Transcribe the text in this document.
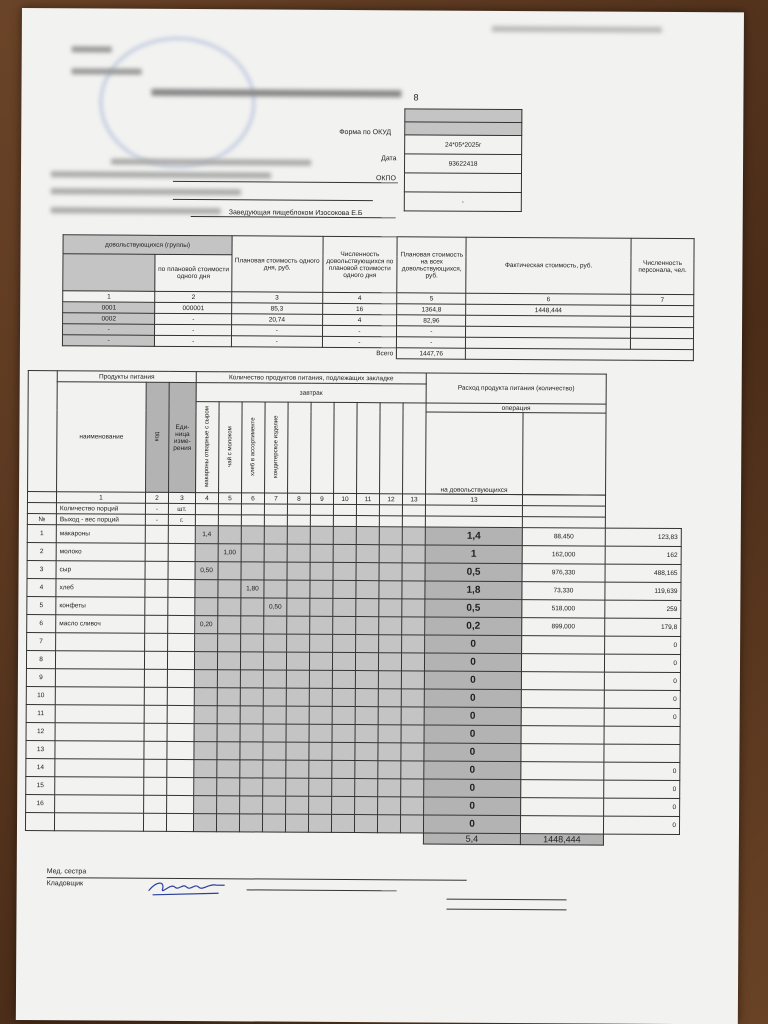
8
Заведующая пищеблоком Изосокова Е.Б
Форма по ОКУД
Дата
ОКПО

24*05*2025г
93622418

-
довольствующихся (группы)		Плановая стоимость одного дня, руб.	Численность довольствующихся по плановой стоимости одного дня	Плановая стоимость на всех довольствующихся, руб.	Фактическая стоимость, руб.	Численность персонала, чел.
	по плановой стоимости одного дня					
1	2	3	4	5	6	7
0001	000001	85,3	16	1364,8	1448,444	
0002	-	20,74	4	82,96		
-	-	-	-	-		
-	-	-	-	-		
Всего				1447,76		
	Продукты питания			Количество продуктов питания, подлежащих закладке										Расход продукта питания (количество)		
	наименование	код	Еди- ница изме- рения	завтрак												
				макароны отварные с сыром	чай с молоком	хлеб в ассортименте	кондитерское изделие							операция		
														на довольствующихся		

	1	2	3	4	5	6	7	8	9	10	11	12	13	13		
	Количество порций	-	шт.													
№	Выход - вес порций	-	г.													
1	макароны			1,4										1,4	88,450	123,83
2	молоко				1,00									1	162,000	162
3	сыр			0,50										0,5	976,330	488,165
4	хлеб					1,80								1,8	73,330	119,639
5	конфеты						0,50							0,5	518,000	259
6	масло сливоч			0,20										0,2	899,000	179,8
7														0		0
8														0		0
9														0		0
10														0		0
11														0		0
12														0		
13														0		
14														0		0
15														0		0
16														0		0
														0		0
														5,4	1448,444	
Мед. сестра
Кладовщик
